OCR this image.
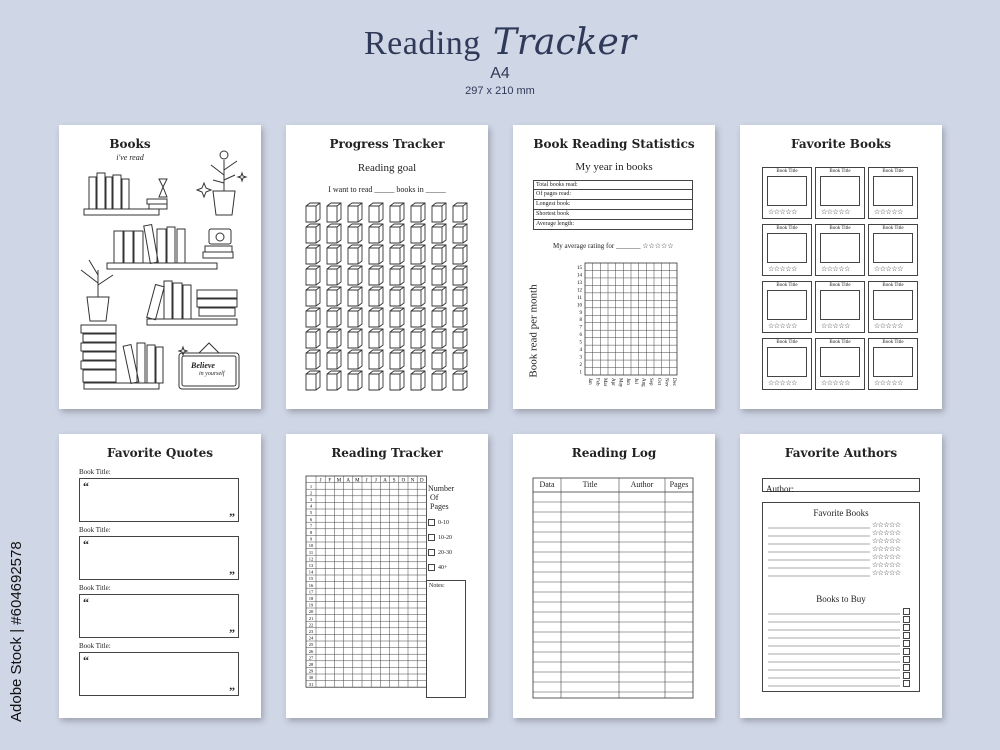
Reading Tracker
A4
297 x 210 mm
Adobe Stock | #604692578
Books
i've read
Believe
in yourself
Progress Tracker
Reading goal
I want to read _____ books in _____
Book Reading Statistics
My year in books
My average rating for _______ ☆☆☆☆☆
15
14
13
12
11
10
9
8
7
6
5
4
3
2
1
Jan Feb Mar Apr May Jun Jul Aug Sep Oct Nov Dec
Book read per month
Total books read:
Of pages read:
Longest book:
Shortest book
Average length:
Favorite Books
Book Title
☆☆☆☆☆
Book Title
☆☆☆☆☆
Book Title
☆☆☆☆☆
Book Title
☆☆☆☆☆
Book Title
☆☆☆☆☆
Book Title
☆☆☆☆☆
Book Title
☆☆☆☆☆
Book Title
☆☆☆☆☆
Book Title
☆☆☆☆☆
Book Title
☆☆☆☆☆
Book Title
☆☆☆☆☆
Book Title
☆☆☆☆☆
Favorite Quotes
Book Title:
“
”
Book Title:
“
”
Book Title:
“
”
Book Title:
“
”
Reading Tracker
J F M A M J J A S O N D
1
2
3
4
5
6
7
8
9
10
11
12
13
14
15
16
17
18
19
20
21
22
23
24
25
26
27
28
29
30
31
Number
Of
Pages
Notes:
0-10
10-20
20-30
40+
Reading Log
Data	Title	Author	Pages
Favorite Authors
Author:
Favorite Books
Books to Buy
☆☆☆☆☆
☆☆☆☆☆
☆☆☆☆☆
☆☆☆☆☆
☆☆☆☆☆
☆☆☆☆☆
☆☆☆☆☆
